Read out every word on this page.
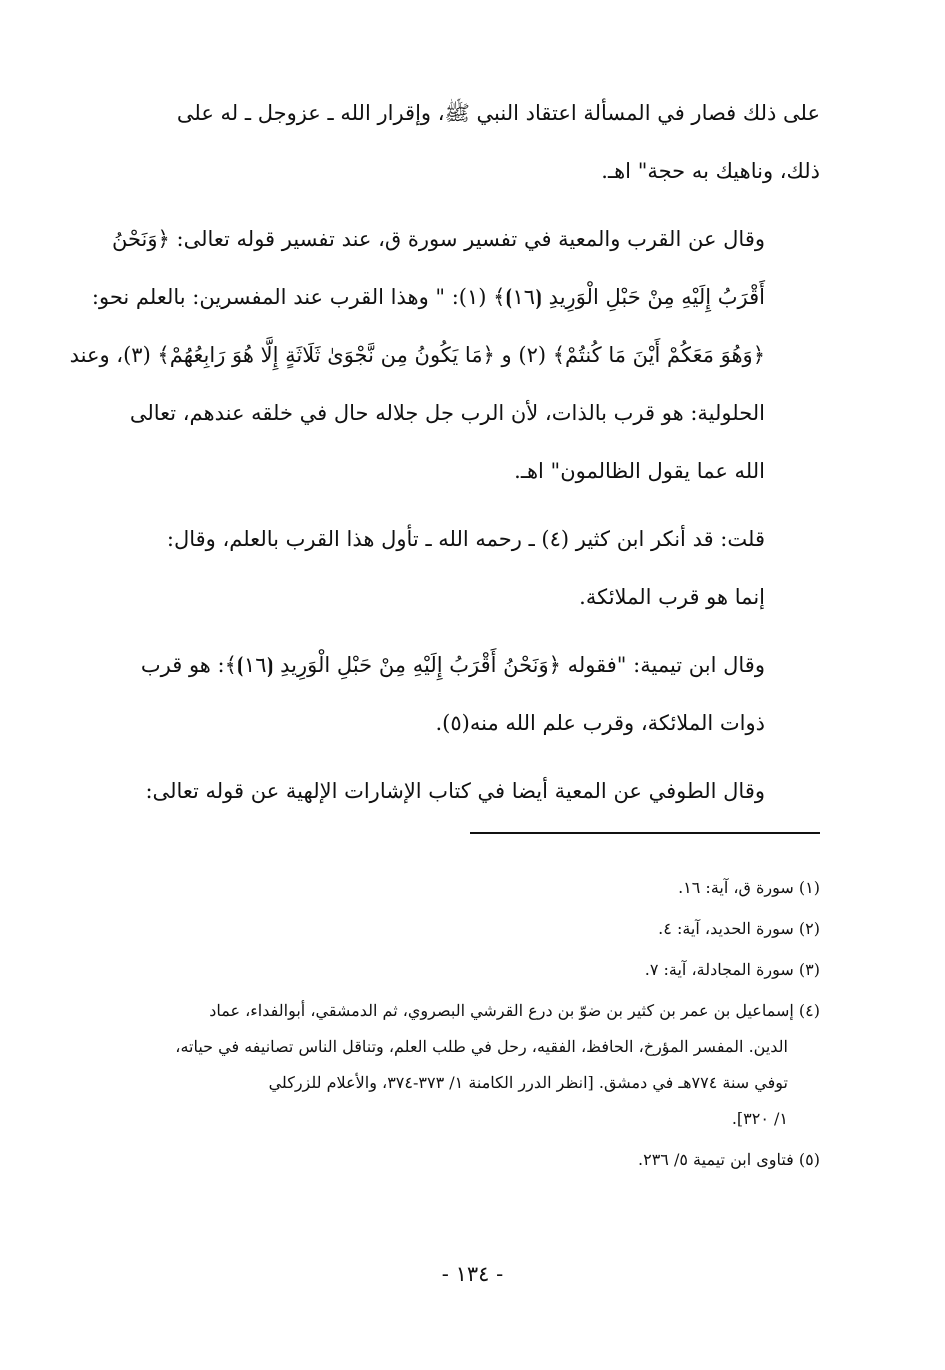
على ذلك فصار في المسألة اعتقاد النبي ﷺ، وإقرار الله ـ عزوجل ـ له على
ذلك، وناهيك به حجة" اهـ.
وقال عن القرب والمعية في تفسير سورة ق، عند تفسير قوله تعالى: ﴿وَنَحْنُ
أَقْرَبُ إِلَيْهِ مِنْ حَبْلِ الْوَرِيدِ ⦗١٦⦘﴾ (١): " وهذا القرب عند المفسرين: بالعلم نحو:
﴿وَهُوَ مَعَكُمْ أَيْنَ مَا كُنتُمْ﴾ (٢) و ﴿مَا يَكُونُ مِن نَّجْوَىٰ ثَلَاثَةٍ إِلَّا هُوَ رَابِعُهُمْ﴾ (٣)، وعند
الحلولية: هو قرب بالذات، لأن الرب جل جلاله حال في خلقه عندهم، تعالى
الله عما يقول الظالمون" اهـ.
قلت: قد أنكر ابن كثير (٤) ـ رحمه الله ـ تأول هذا القرب بالعلم، وقال:
إنما هو قرب الملائكة.
وقال ابن تيمية: "فقوله ﴿وَنَحْنُ أَقْرَبُ إِلَيْهِ مِنْ حَبْلِ الْوَرِيدِ ⦗١٦⦘﴾: هو قرب
ذوات الملائكة، وقرب علم الله منه(٥).
وقال الطوفي عن المعية أيضا في كتاب الإشارات الإلهية عن قوله تعالى:
(١) سورة ق، آية: ١٦.
(٢) سورة الحديد، آية: ٤.
(٣) سورة المجادلة، آية: ٧.
(٤) إسماعيل بن عمر بن كثير بن ضوّ بن درع القرشي البصروي، ثم الدمشقي، أبوالفداء، عماد
الدين. المفسر المؤرخ، الحافظ، الفقيه، رحل في طلب العلم، وتناقل الناس تصانيفه في حياته،
توفي سنة ٧٧٤هـ في دمشق. [انظر الدرر الكامنة ١/ ٣٧٣-٣٧٤، والأعلام للزركلي
١/ ٣٢٠].
(٥) فتاوى ابن تيمية ٥/ ٢٣٦.
- ١٣٤ -
